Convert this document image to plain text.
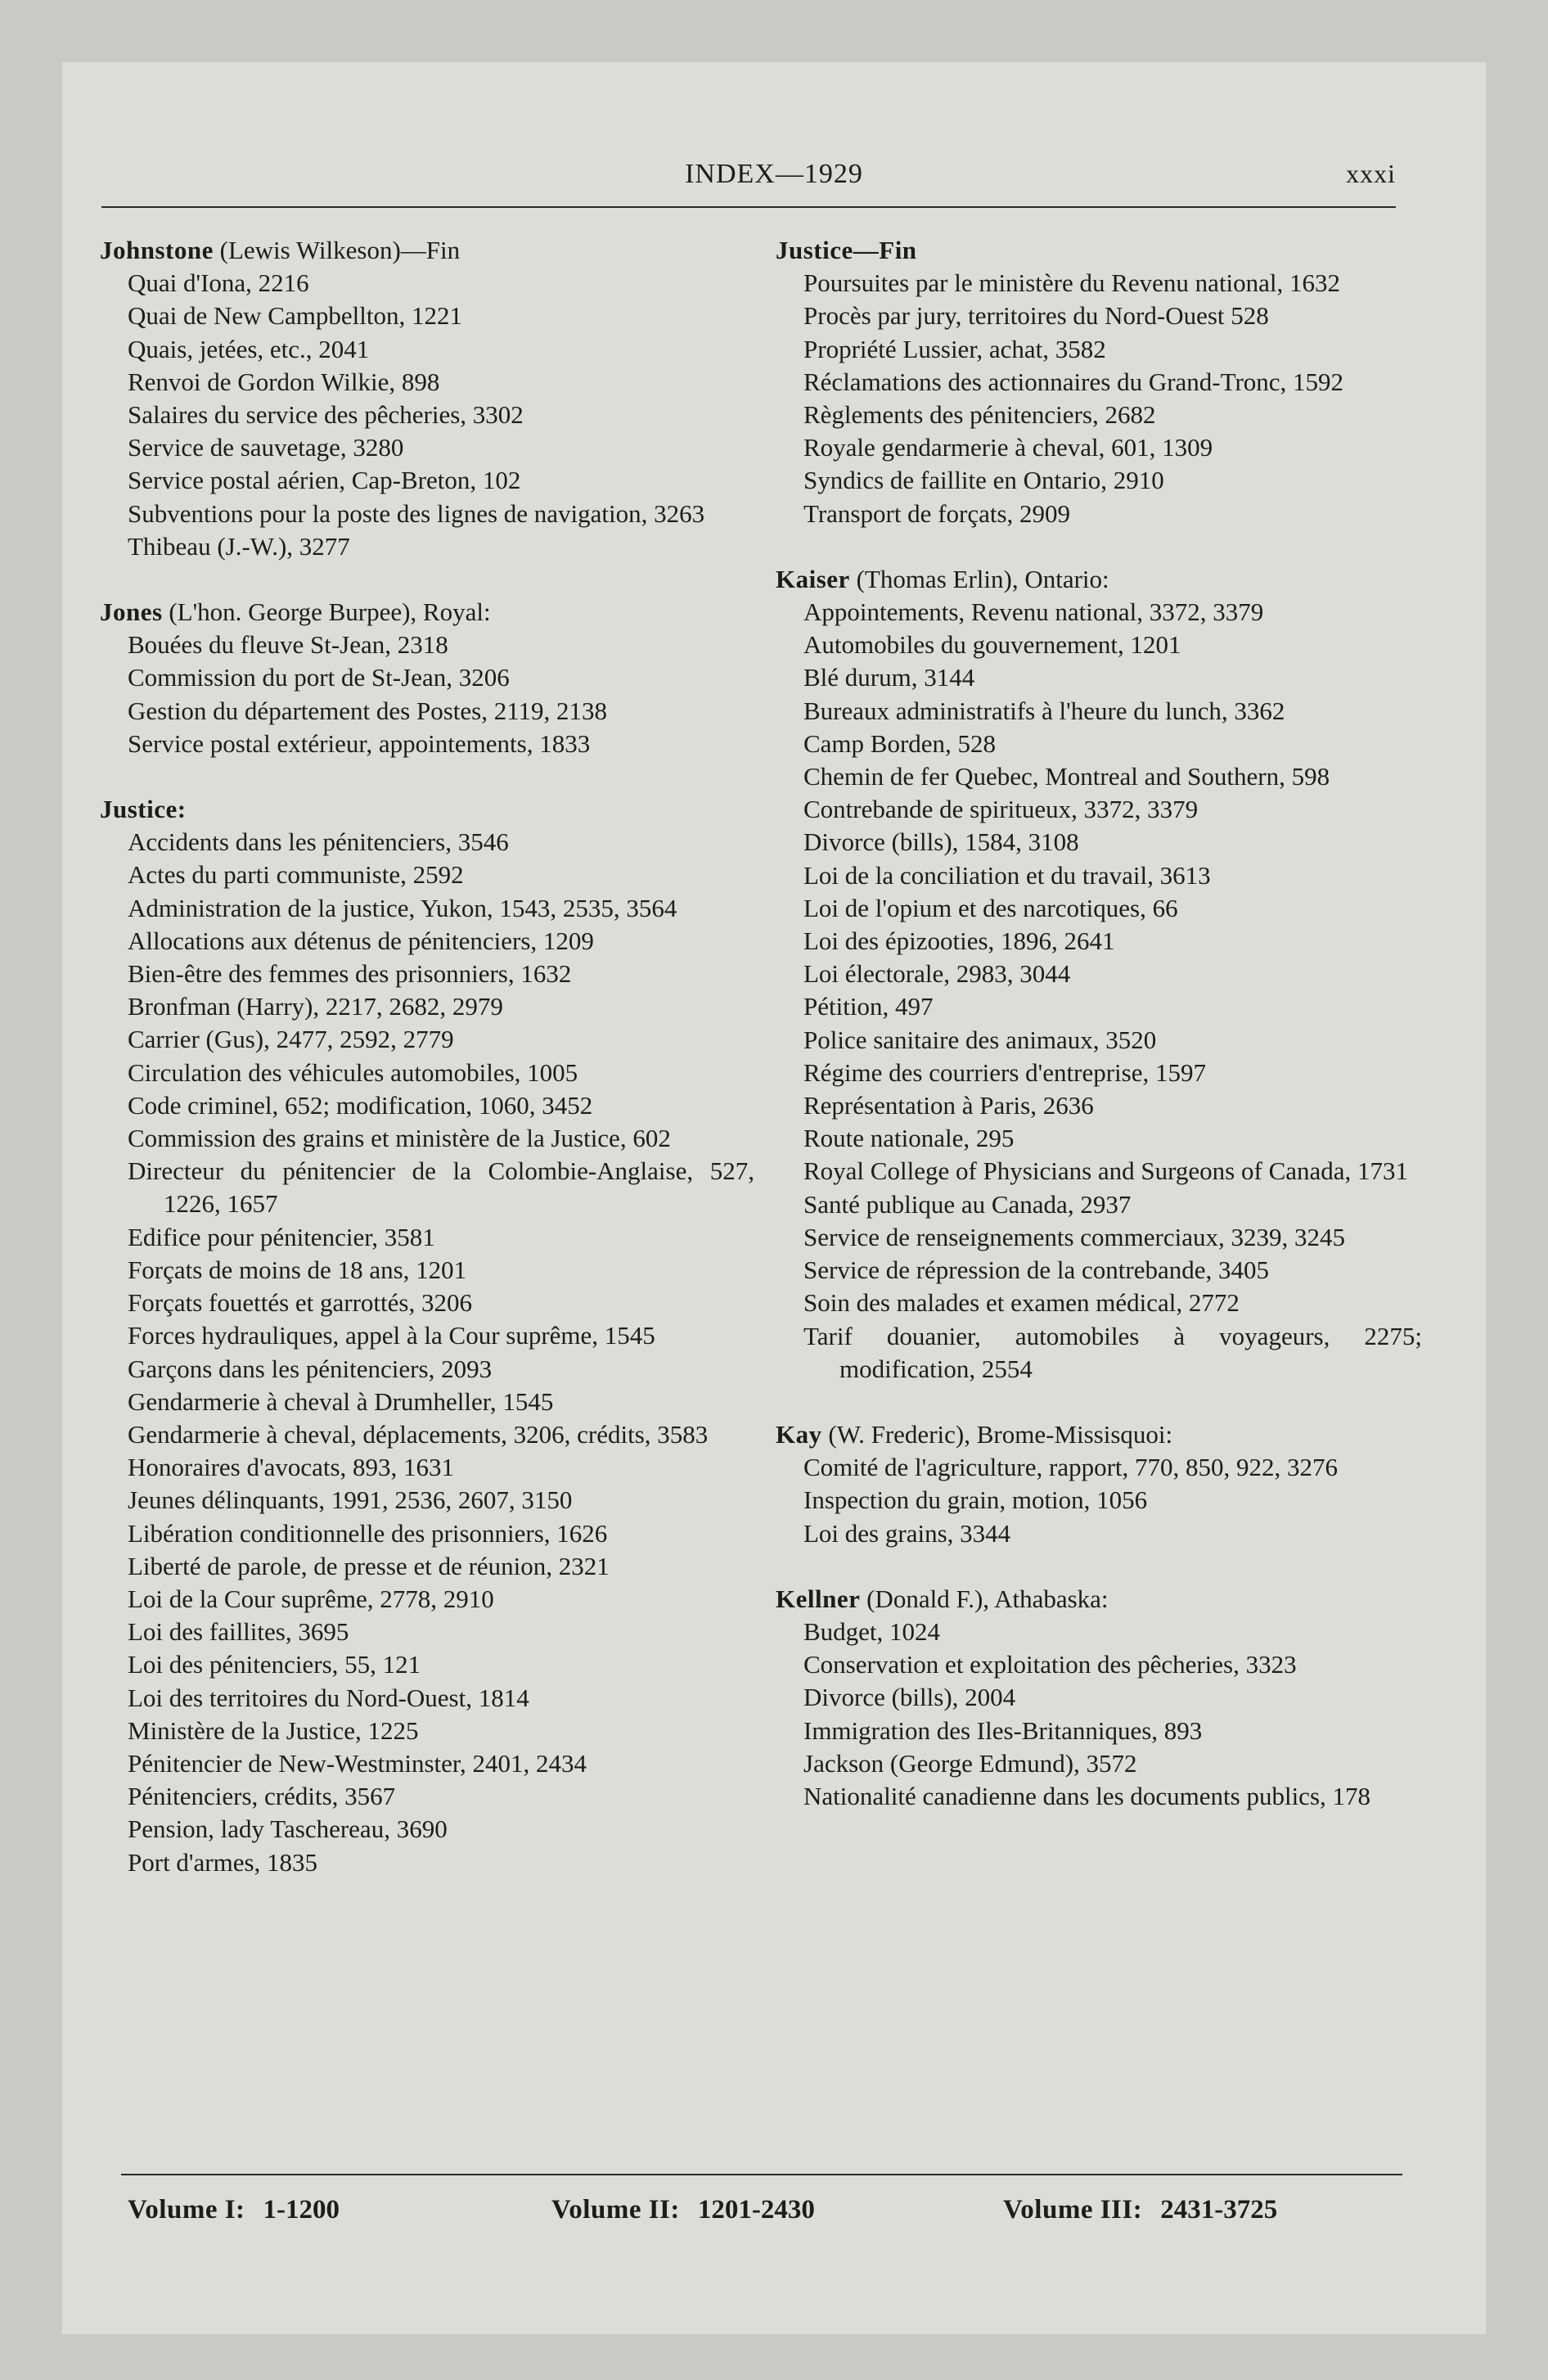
INDEX—1929	xxxi

Johnstone (Lewis Wilkeson)—Fin

Quai d'Iona, 2216
Quai de New Campbellton, 1221
Quais, jetées, etc., 2041
Renvoi de Gordon Wilkie, 898
Salaires du service des pêcheries, 3302
Service de sauvetage, 3280
Service postal aérien, Cap-Breton, 102
Subventions pour la poste des lignes de navigation, 3263
Thibeau (J.-W.), 3277

Jones (L'hon. George Burpee), Royal:

Bouées du fleuve St-Jean, 2318
Commission du port de St-Jean, 3206
Gestion du département des Postes, 2119, 2138
Service postal extérieur, appointements, 1833

Justice:

Accidents dans les pénitenciers, 3546
Actes du parti communiste, 2592
Administration de la justice, Yukon, 1543, 2535, 3564
Allocations aux détenus de pénitenciers, 1209
Bien-être des femmes des prisonniers, 1632
Bronfman (Harry), 2217, 2682, 2979
Carrier (Gus), 2477, 2592, 2779
Circulation des véhicules automobiles, 1005
Code criminel, 652; modification, 1060, 3452
Commission des grains et ministère de la Justice, 602
Directeur du pénitencier de la Colombie-Anglaise, 527, 1226, 1657
Edifice pour pénitencier, 3581
Forçats de moins de 18 ans, 1201
Forçats fouettés et garrottés, 3206
Forces hydrauliques, appel à la Cour suprême, 1545
Garçons dans les pénitenciers, 2093
Gendarmerie à cheval à Drumheller, 1545
Gendarmerie à cheval, déplacements, 3206, crédits, 3583
Honoraires d'avocats, 893, 1631
Jeunes délinquants, 1991, 2536, 2607, 3150
Libération conditionnelle des prisonniers, 1626
Liberté de parole, de presse et de réunion, 2321
Loi de la Cour suprême, 2778, 2910
Loi des faillites, 3695
Loi des pénitenciers, 55, 121
Loi des territoires du Nord-Ouest, 1814
Ministère de la Justice, 1225
Pénitencier de New-Westminster, 2401, 2434
Pénitenciers, crédits, 3567
Pension, lady Taschereau, 3690
Port d'armes, 1835

Justice—Fin

Poursuites par le ministère du Revenu national, 1632
Procès par jury, territoires du Nord-Ouest 528
Propriété Lussier, achat, 3582
Réclamations des actionnaires du Grand-Tronc, 1592
Règlements des pénitenciers, 2682
Royale gendarmerie à cheval, 601, 1309
Syndics de faillite en Ontario, 2910
Transport de forçats, 2909

Kaiser (Thomas Erlin), Ontario:

Appointements, Revenu national, 3372, 3379
Automobiles du gouvernement, 1201
Blé durum, 3144
Bureaux administratifs à l'heure du lunch, 3362
Camp Borden, 528
Chemin de fer Quebec, Montreal and Southern, 598
Contrebande de spiritueux, 3372, 3379
Divorce (bills), 1584, 3108
Loi de la conciliation et du travail, 3613
Loi de l'opium et des narcotiques, 66
Loi des épizooties, 1896, 2641
Loi électorale, 2983, 3044
Pétition, 497
Police sanitaire des animaux, 3520
Régime des courriers d'entreprise, 1597
Représentation à Paris, 2636
Route nationale, 295
Royal College of Physicians and Surgeons of Canada, 1731
Santé publique au Canada, 2937
Service de renseignements commerciaux, 3239, 3245
Service de répression de la contrebande, 3405
Soin des malades et examen médical, 2772
Tarif douanier, automobiles à voyageurs, 2275; modification, 2554

Kay (W. Frederic), Brome-Missisquoi:

Comité de l'agriculture, rapport, 770, 850, 922, 3276
Inspection du grain, motion, 1056
Loi des grains, 3344

Kellner (Donald F.), Athabaska:

Budget, 1024
Conservation et exploitation des pêcheries, 3323
Divorce (bills), 2004
Immigration des Iles-Britanniques, 893
Jackson (George Edmund), 3572
Nationalité canadienne dans les documents publics, 178
Volume I: 1-1200	Volume II: 1201-2430	Volume III: 2431-3725
